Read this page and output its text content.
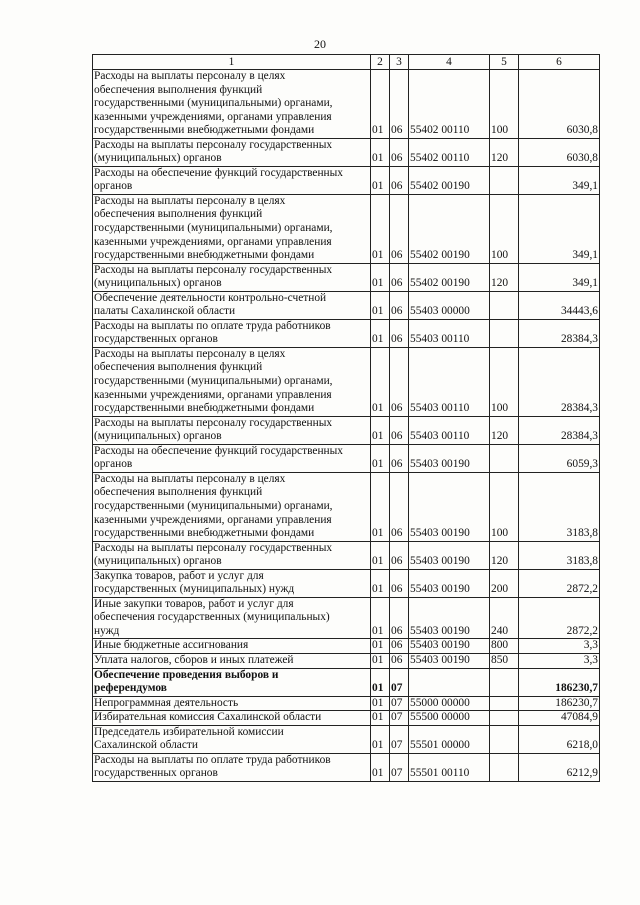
20
1	2	3	4	5	6

Расходы на выплаты персоналу в целях
обеспечения выполнения функций
государственными (муниципальными) органами,
казенными учреждениями, органами управления
государственными внебюджетными фондами	01	06	55402 00110	100	6030,8

Расходы на выплаты персоналу государственных
(муниципальных) органов	01	06	55402 00110	120	6030,8

Расходы на обеспечение функций государственных
органов	01	06	55402 00190		349,1

Расходы на выплаты персоналу в целях
обеспечения выполнения функций
государственными (муниципальными) органами,
казенными учреждениями, органами управления
государственными внебюджетными фондами	01	06	55402 00190	100	349,1

Расходы на выплаты персоналу государственных
(муниципальных) органов	01	06	55402 00190	120	349,1

Обеспечение деятельности контрольно-счетной
палаты Сахалинской области	01	06	55403 00000		34443,6

Расходы на выплаты по оплате труда работников
государственных органов	01	06	55403 00110		28384,3

Расходы на выплаты персоналу в целях
обеспечения выполнения функций
государственными (муниципальными) органами,
казенными учреждениями, органами управления
государственными внебюджетными фондами	01	06	55403 00110	100	28384,3

Расходы на выплаты персоналу государственных
(муниципальных) органов	01	06	55403 00110	120	28384,3

Расходы на обеспечение функций государственных
органов	01	06	55403 00190		6059,3

Расходы на выплаты персоналу в целях
обеспечения выполнения функций
государственными (муниципальными) органами,
казенными учреждениями, органами управления
государственными внебюджетными фондами	01	06	55403 00190	100	3183,8

Расходы на выплаты персоналу государственных
(муниципальных) органов	01	06	55403 00190	120	3183,8

Закупка товаров, работ и услуг для
государственных (муниципальных) нужд	01	06	55403 00190	200	2872,2

Иные закупки товаров, работ и услуг для
обеспечения государственных (муниципальных)
нужд	01	06	55403 00190	240	2872,2

Иные бюджетные ассигнования	01	06	55403 00190	800	3,3

Уплата налогов, сборов и иных платежей	01	06	55403 00190	850	3,3

Обеспечение проведения выборов и
референдумов	01	07			186230,7

Непрограммная деятельность	01	07	55000 00000		186230,7

Избирательная комиссия Сахалинской области	01	07	55500 00000		47084,9

Председатель избирательной комиссии
Сахалинской области	01	07	55501 00000		6218,0

Расходы на выплаты по оплате труда работников
государственных органов	01	07	55501 00110		6212,9
